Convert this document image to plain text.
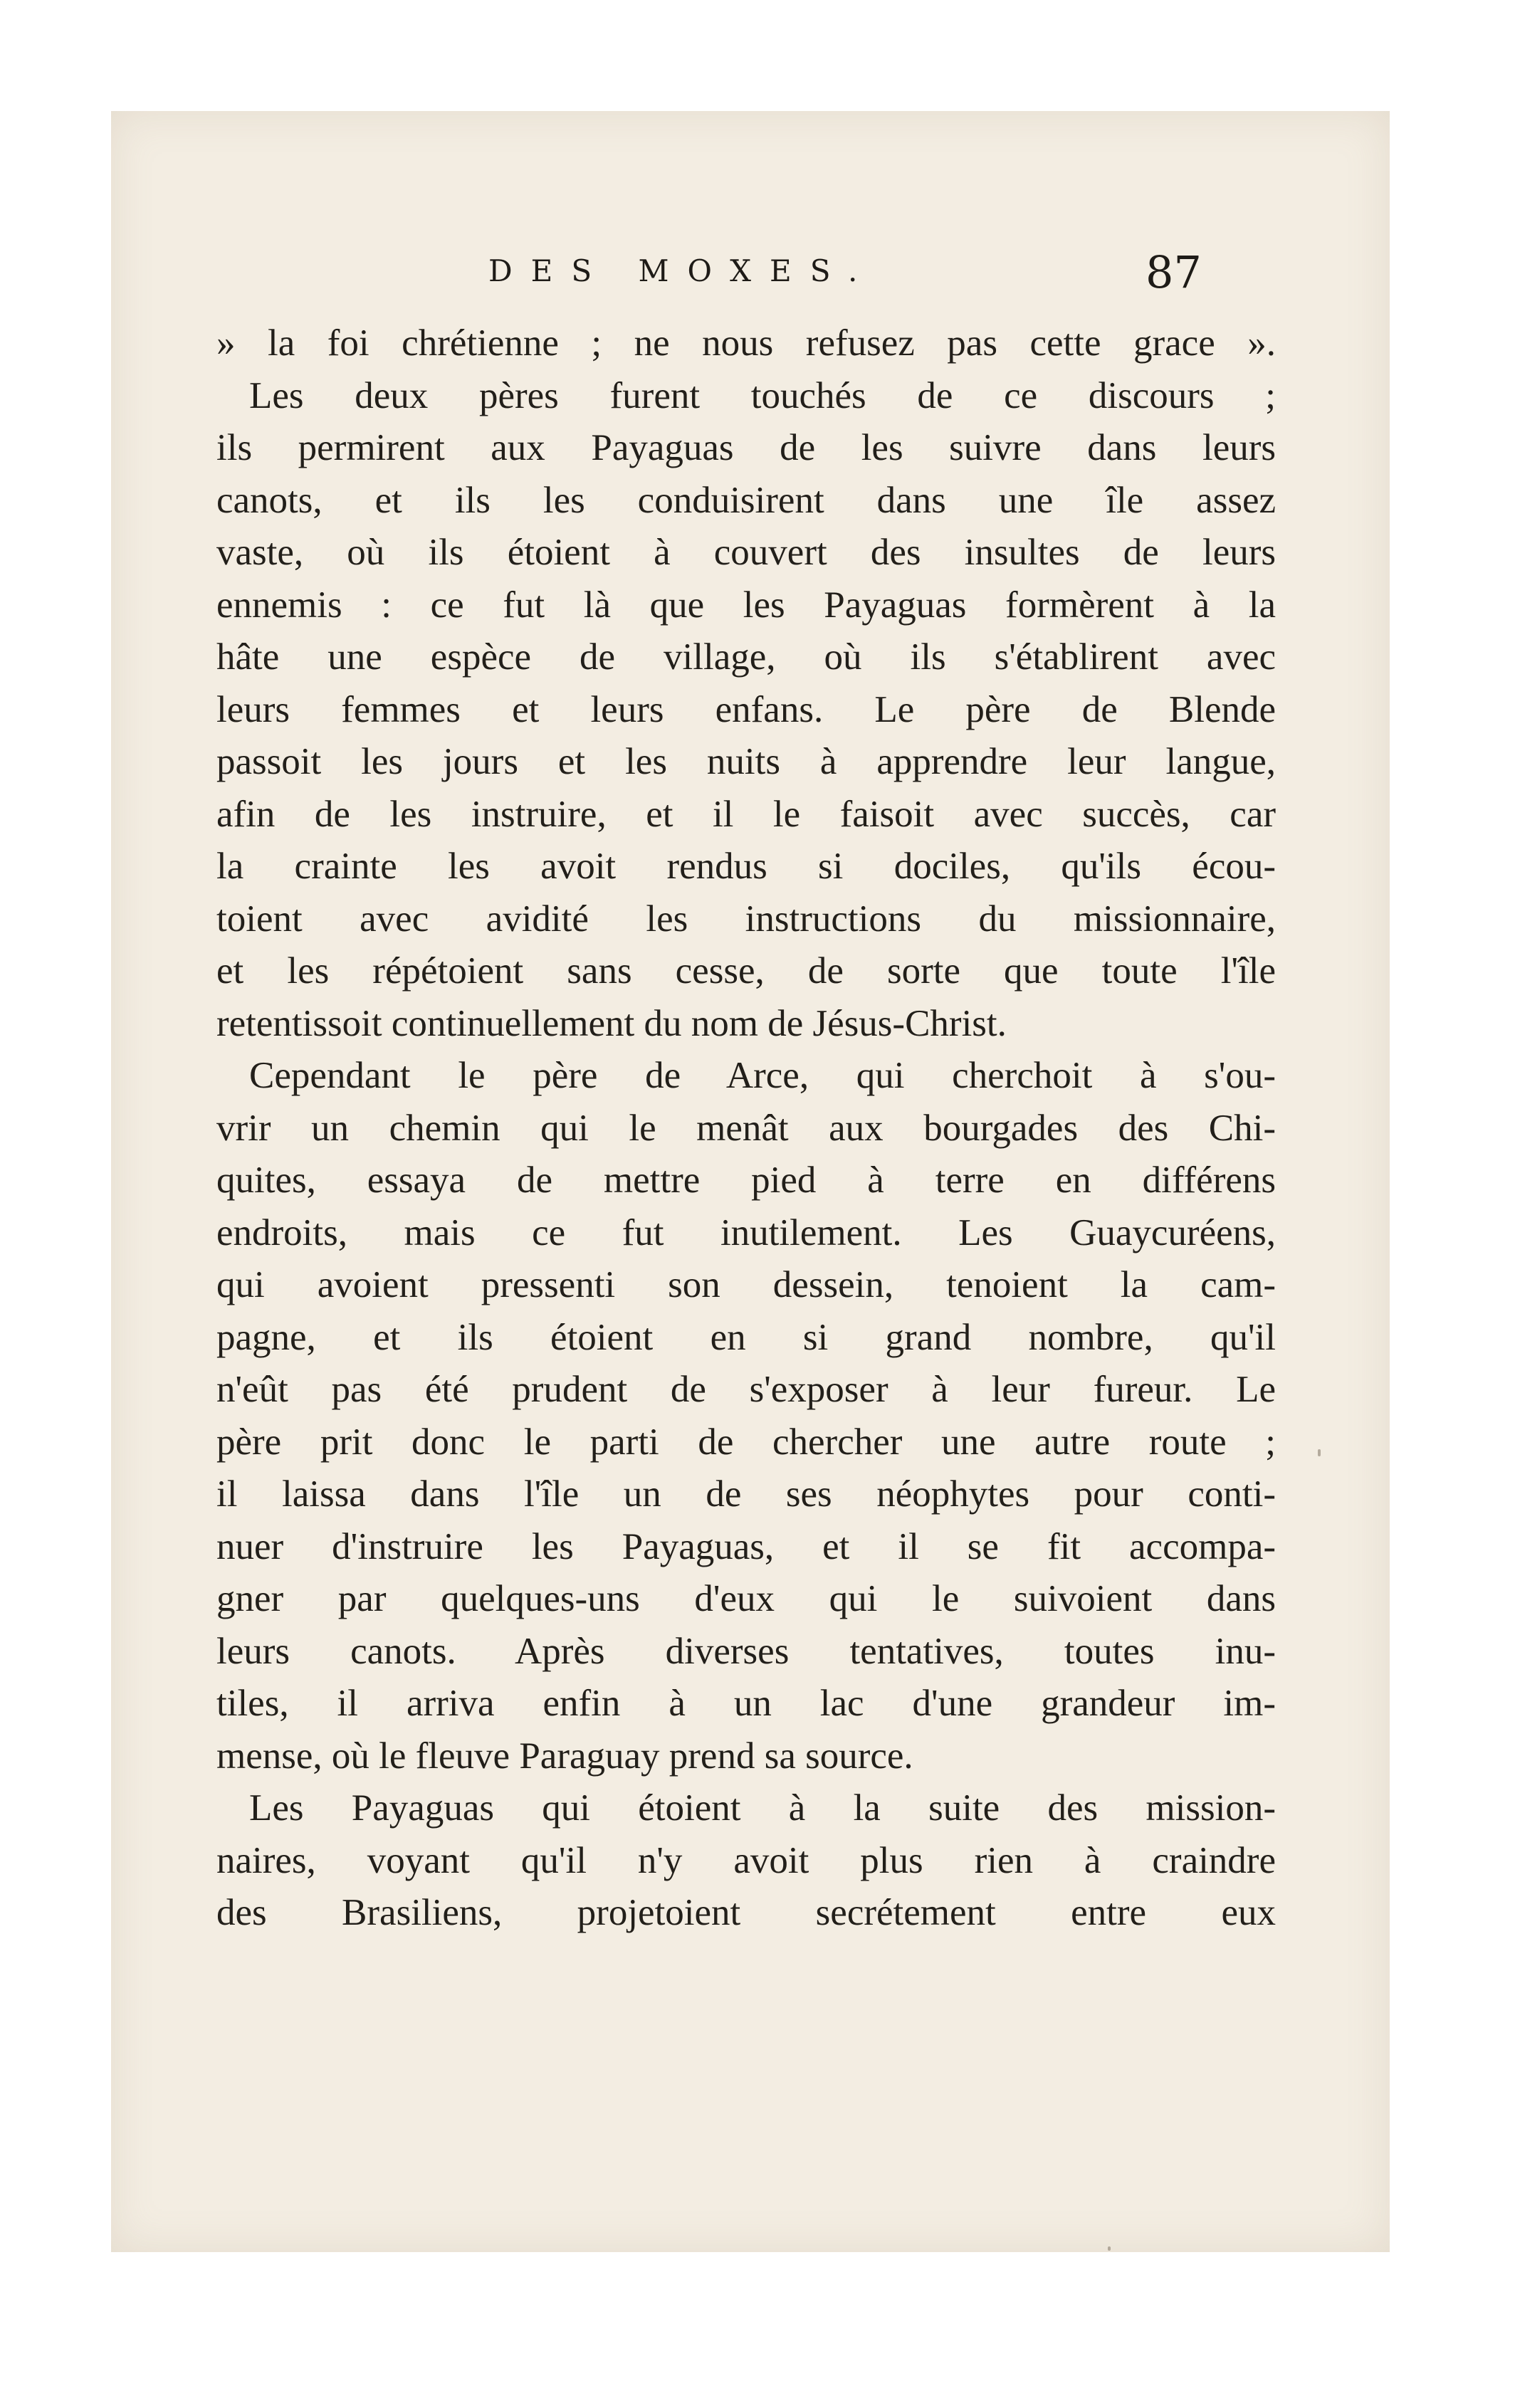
DES MOXES.	87
» la foi chrétienne ; ne nous refusez pas cette grace ».
Les deux pères furent touchés de ce discours ;
ils permirent aux Payaguas de les suivre dans leurs
canots, et ils les conduisirent dans une île assez
vaste, où ils étoient à couvert des insultes de leurs
ennemis : ce fut là que les Payaguas formèrent à la
hâte une espèce de village, où ils s'établirent avec
leurs femmes et leurs enfans. Le père de Blende
passoit les jours et les nuits à apprendre leur langue,
afin de les instruire, et il le faisoit avec succès, car
la crainte les avoit rendus si dociles, qu'ils écou-
toient avec avidité les instructions du missionnaire,
et les répétoient sans cesse, de sorte que toute l'île
retentissoit continuellement du nom de Jésus-Christ.
Cependant le père de Arce, qui cherchoit à s'ou-
vrir un chemin qui le menât aux bourgades des Chi-
quites, essaya de mettre pied à terre en différens
endroits, mais ce fut inutilement. Les Guaycuréens,
qui avoient pressenti son dessein, tenoient la cam-
pagne, et ils étoient en si grand nombre, qu'il
n'eût pas été prudent de s'exposer à leur fureur. Le
père prit donc le parti de chercher une autre route ;
il laissa dans l'île un de ses néophytes pour conti-
nuer d'instruire les Payaguas, et il se fit accompa-
gner par quelques-uns d'eux qui le suivoient dans
leurs canots. Après diverses tentatives, toutes inu-
tiles, il arriva enfin à un lac d'une grandeur im-
mense, où le fleuve Paraguay prend sa source.
Les Payaguas qui étoient à la suite des mission-
naires, voyant qu'il n'y avoit plus rien à craindre
des Brasiliens, projetoient secrétement entre eux
